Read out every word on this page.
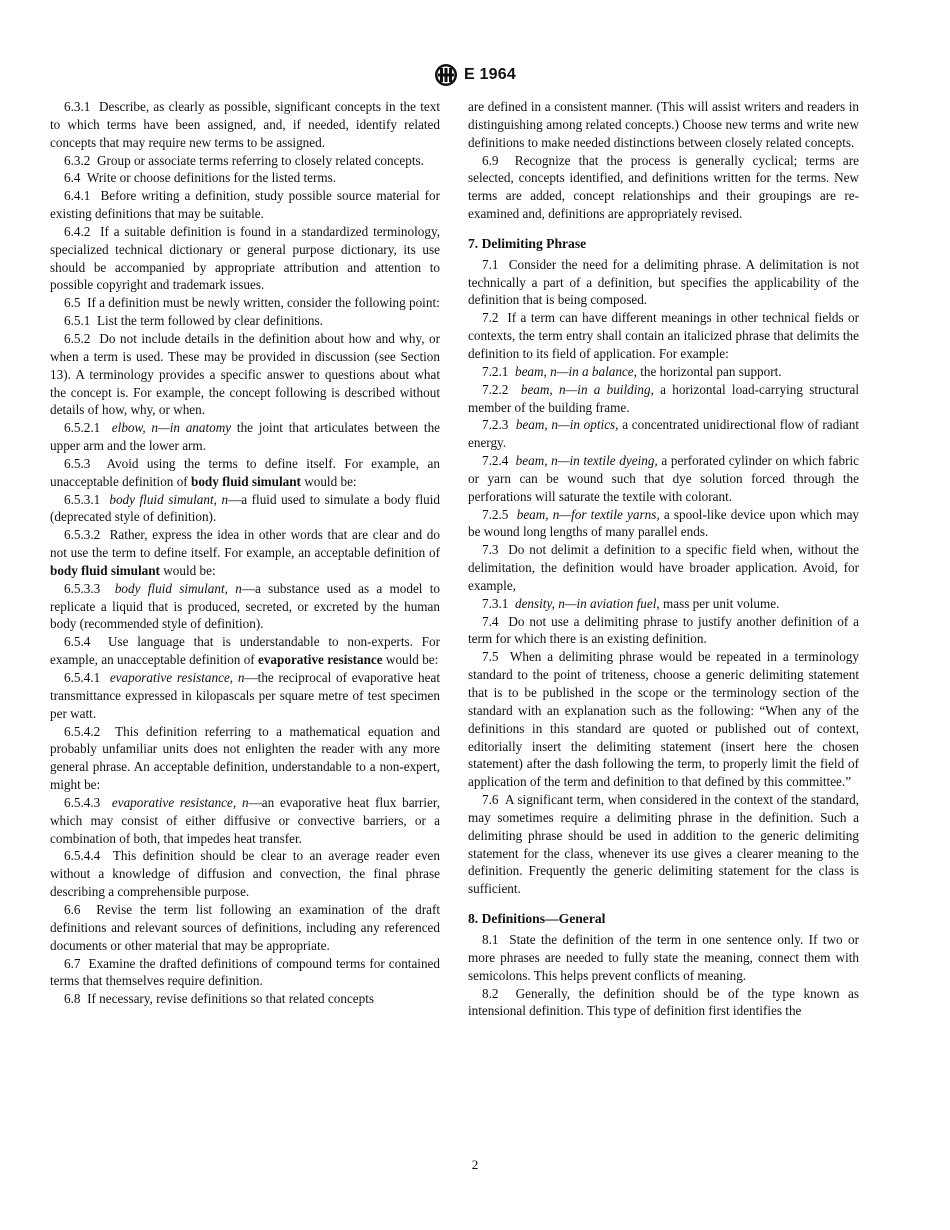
E 1964

6.3.1 Describe, as clearly as possible, significant concepts in the text to which terms have been assigned, and, if needed, identify related concepts that may require new terms to be assigned.

6.3.2 Group or associate terms referring to closely related concepts.

6.4 Write or choose definitions for the listed terms.

6.4.1 Before writing a definition, study possible source material for existing definitions that may be suitable.

6.4.2 If a suitable definition is found in a standardized terminology, specialized technical dictionary or general purpose dictionary, its use should be accompanied by appropriate attribution and attention to possible copyright and trademark issues.

6.5 If a definition must be newly written, consider the following point:

6.5.1 List the term followed by clear definitions.

6.5.2 Do not include details in the definition about how and why, or when a term is used. These may be provided in discussion (see Section 13). A terminology provides a specific answer to questions about what the concept is. For example, the concept following is described without details of how, why, or when.

6.5.2.1 elbow, n—in anatomy the joint that articulates between the upper arm and the lower arm.

6.5.3 Avoid using the terms to define itself. For example, an unacceptable definition of body fluid simulant would be:

6.5.3.1 body fluid simulant, n—a fluid used to simulate a body fluid (deprecated style of definition).

6.5.3.2 Rather, express the idea in other words that are clear and do not use the term to define itself. For example, an acceptable definition of body fluid simulant would be:

6.5.3.3 body fluid simulant, n—a substance used as a model to replicate a liquid that is produced, secreted, or excreted by the human body (recommended style of definition).

6.5.4 Use language that is understandable to non-experts. For example, an unacceptable definition of evaporative resistance would be:

6.5.4.1 evaporative resistance, n—the reciprocal of evaporative heat transmittance expressed in kilopascals per square metre of test specimen per watt.

6.5.4.2 This definition referring to a mathematical equation and probably unfamiliar units does not enlighten the reader with any more general phrase. An acceptable definition, understandable to a non-expert, might be:

6.5.4.3 evaporative resistance, n—an evaporative heat flux barrier, which may consist of either diffusive or convective barriers, or a combination of both, that impedes heat transfer.

6.5.4.4 This definition should be clear to an average reader even without a knowledge of diffusion and convection, the final phrase describing a comprehensible purpose.

6.6 Revise the term list following an examination of the draft definitions and relevant sources of definitions, including any referenced documents or other material that may be appropriate.

6.7 Examine the drafted definitions of compound terms for contained terms that themselves require definition.

6.8 If necessary, revise definitions so that related concepts

are defined in a consistent manner. (This will assist writers and readers in distinguishing among related concepts.) Choose new terms and write new definitions to make needed distinctions between closely related concepts.

6.9 Recognize that the process is generally cyclical; terms are selected, concepts identified, and definitions written for the terms. New terms are added, concept relationships and their groupings are re-examined and, definitions are appropriately revised.

7. Delimiting Phrase

7.1 Consider the need for a delimiting phrase. A delimitation is not technically a part of a definition, but specifies the applicability of the definition that is being composed.

7.2 If a term can have different meanings in other technical fields or contexts, the term entry shall contain an italicized phrase that delimits the definition to its field of application. For example:

7.2.1 beam, n—in a balance, the horizontal pan support.

7.2.2 beam, n—in a building, a horizontal load-carrying structural member of the building frame.

7.2.3 beam, n—in optics, a concentrated unidirectional flow of radiant energy.

7.2.4 beam, n—in textile dyeing, a perforated cylinder on which fabric or yarn can be wound such that dye solution forced through the perforations will saturate the textile with colorant.

7.2.5 beam, n—for textile yarns, a spool-like device upon which may be wound long lengths of many parallel ends.

7.3 Do not delimit a definition to a specific field when, without the delimitation, the definition would have broader application. Avoid, for example,

7.3.1 density, n—in aviation fuel, mass per unit volume.

7.4 Do not use a delimiting phrase to justify another definition of a term for which there is an existing definition.

7.5 When a delimiting phrase would be repeated in a terminology standard to the point of triteness, choose a generic delimiting statement that is to be published in the scope or the terminology section of the standard with an explanation such as the following: “When any of the definitions in this standard are quoted or published out of context, editorially insert the delimiting statement (insert here the chosen statement) after the dash following the term, to properly limit the field of application of the term and definition to that defined by this committee.”

7.6 A significant term, when considered in the context of the standard, may sometimes require a delimiting phrase in the definition. Such a delimiting phrase should be used in addition to the generic delimiting statement for the class, whenever its use gives a clearer meaning to the definition. Frequently the generic delimiting statement for the class is sufficient.

8. Definitions—General

8.1 State the definition of the term in one sentence only. If two or more phrases are needed to fully state the meaning, connect them with semicolons. This helps prevent conflicts of meaning.

8.2 Generally, the definition should be of the type known as intensional definition. This type of definition first identifies the

2
